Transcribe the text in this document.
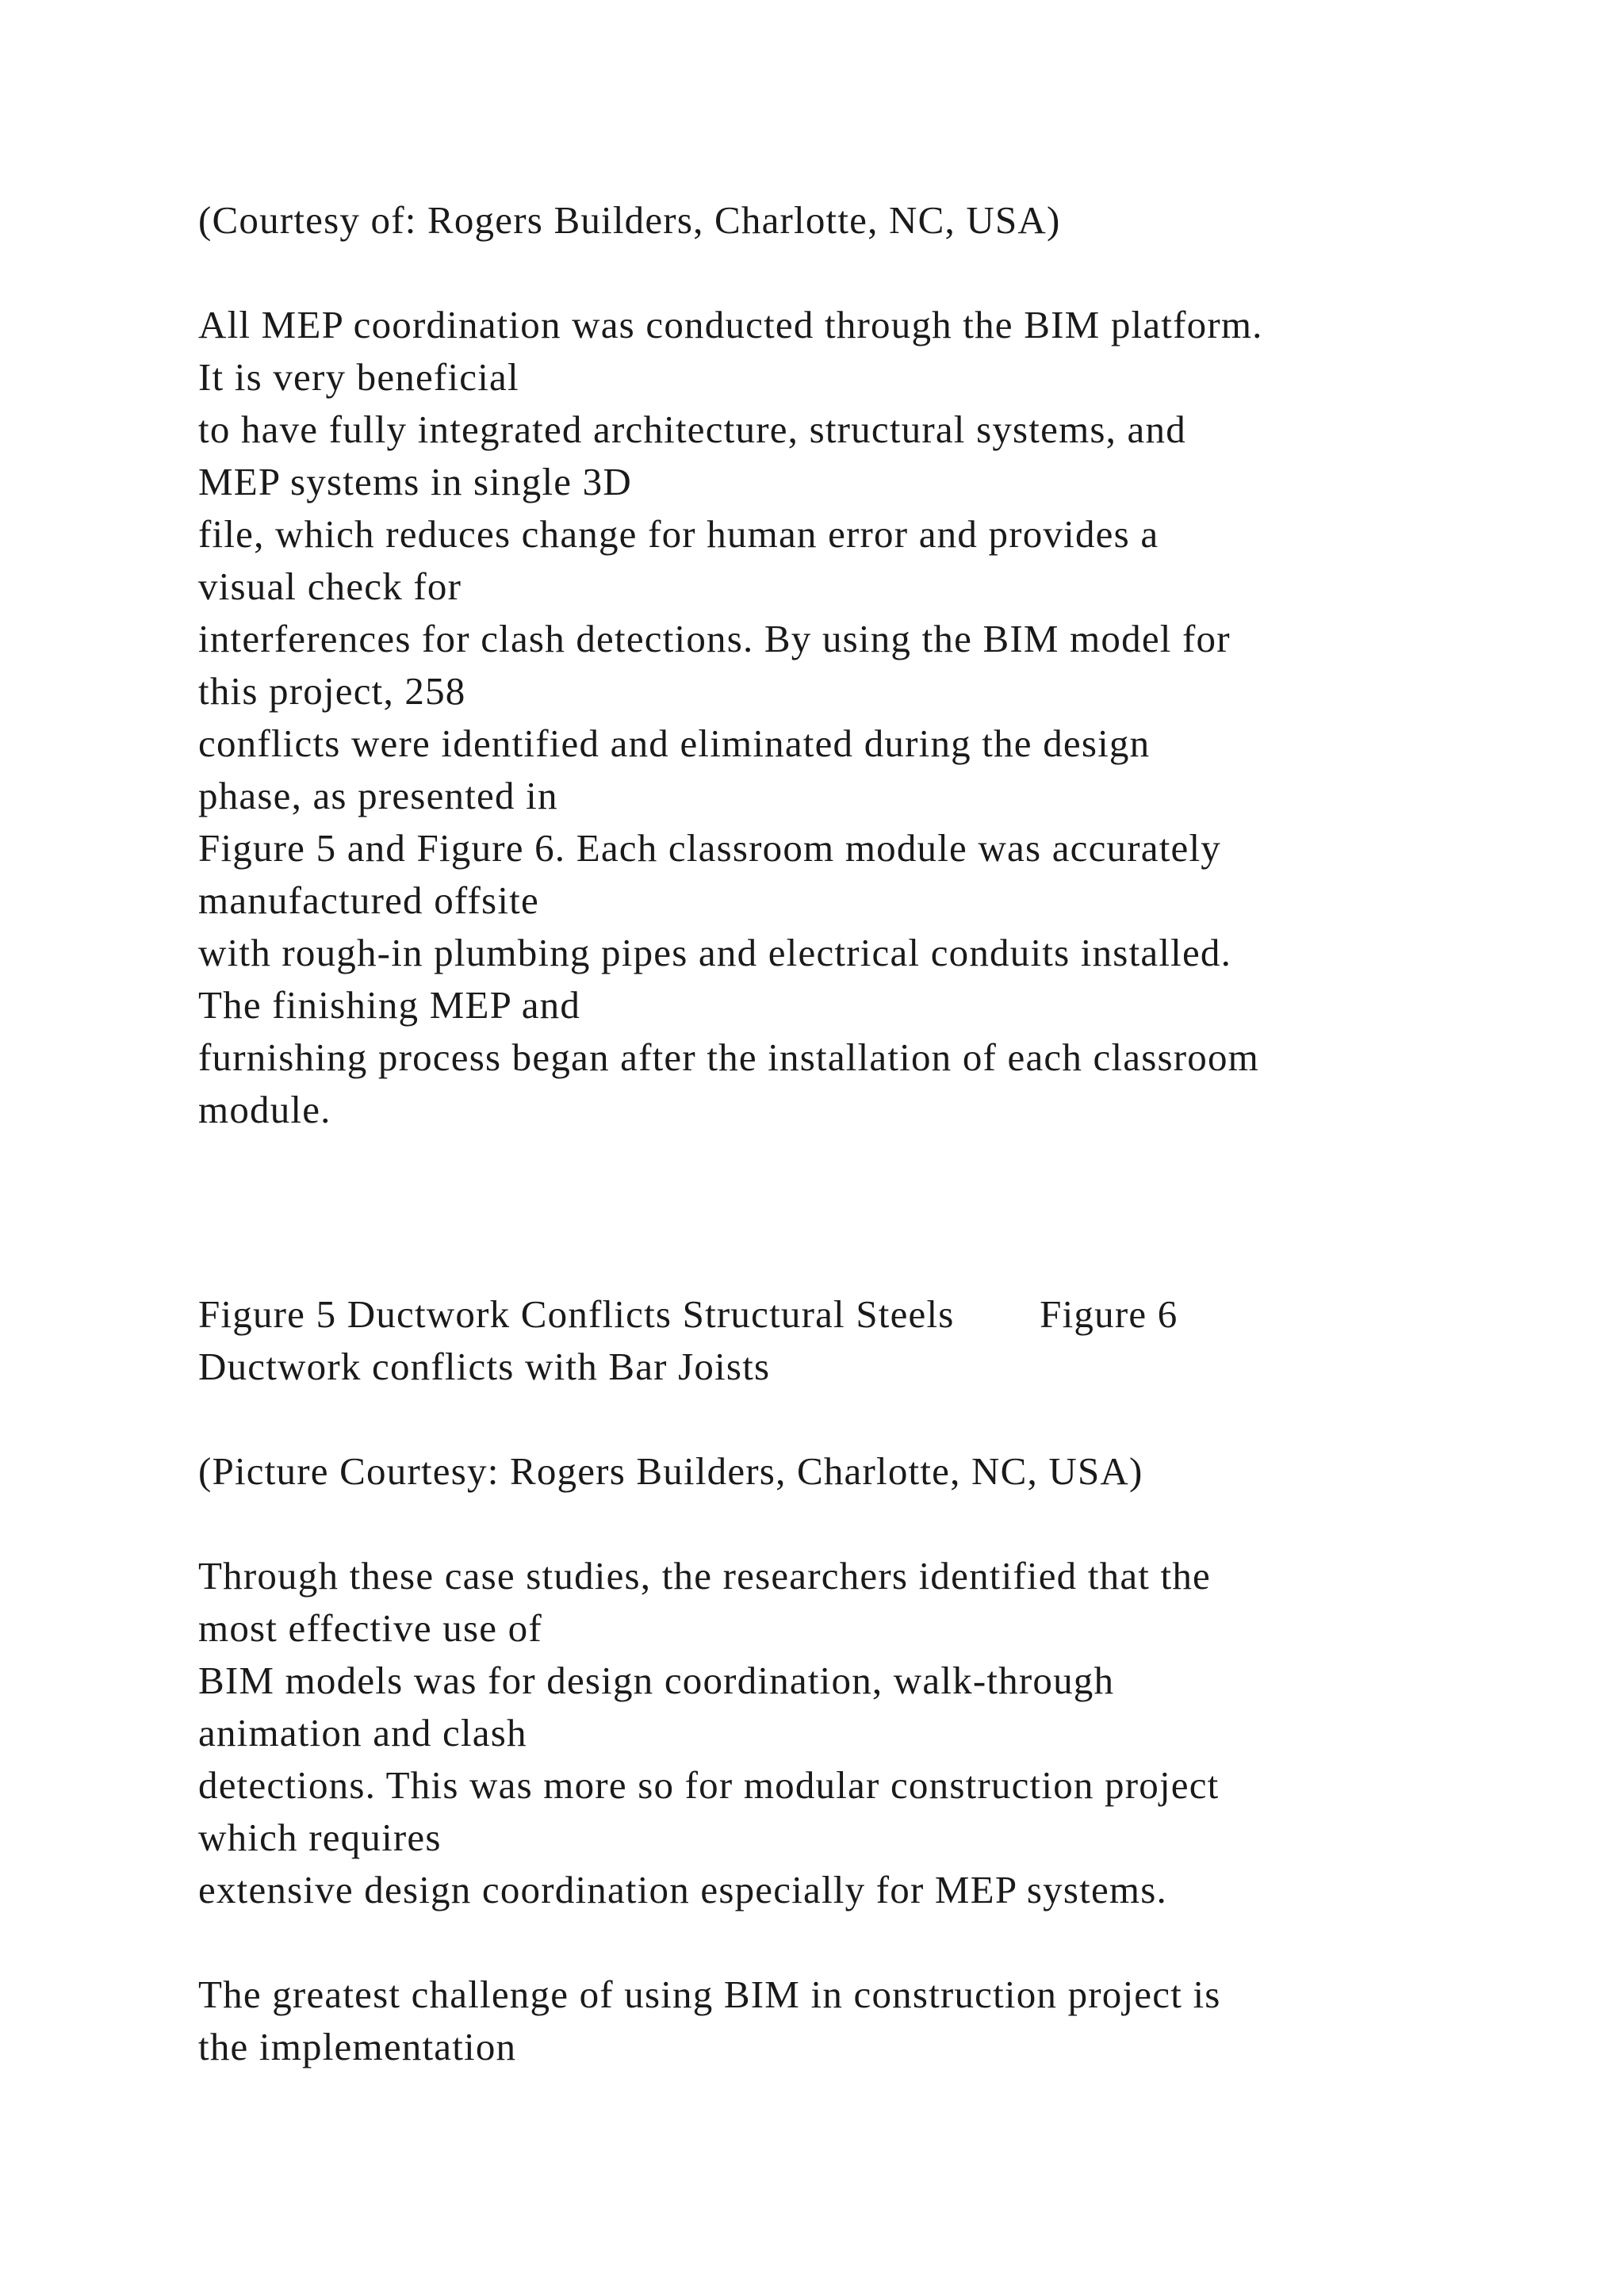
(Courtesy of: Rogers Builders, Charlotte, NC, USA)

All MEP coordination was conducted through the BIM platform.
It is very beneficial
to have fully integrated architecture, structural systems, and
MEP systems in single 3D
file, which reduces change for human error and provides a
visual check for
interferences for clash detections. By using the BIM model for
this project, 258
conflicts were identified and eliminated during the design
phase, as presented in
Figure 5 and Figure 6. Each classroom module was accurately
manufactured offsite
with rough-in plumbing pipes and electrical conduits installed.
The finishing MEP and
furnishing process began after the installation of each classroom
module.

Figure 5 Ductwork Conflicts Structural Steels        Figure 6
Ductwork conflicts with Bar Joists

(Picture Courtesy: Rogers Builders, Charlotte, NC, USA)

Through these case studies, the researchers identified that the
most effective use of
BIM models was for design coordination, walk-through
animation and clash
detections. This was more so for modular construction project
which requires
extensive design coordination especially for MEP systems.

The greatest challenge of using BIM in construction project is
the implementation
